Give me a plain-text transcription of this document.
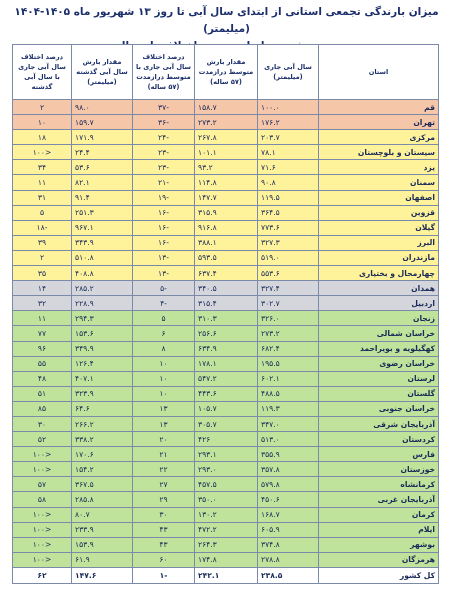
میزان بارندگی تجمعی استانی از ابتدای سال آبی تا روز ۱۳ شهریور ماه ۱۴۰۵-۱۴۰۴ (میلیمتر)
استان	سال آبی جاری (میلیمتر)	مقدار بارش متوسط درازمدت (۵۷ ساله)	درصد اختلاف سال آبی جاری با متوسط درازمدت (۵۷ ساله)	مقدار بارش سال آبی گذشته (میلیمتر)	درصد اختلاف سال آبی جاری با سال آبی گذشته
قم	۱۰۰.۰	۱۵۸.۷	-۳۷	۹۸.۰	۲
تهران	۱۷۶.۲	۲۷۳.۲	-۳۶	۱۵۹.۷	۱۰
مرکزی	۲۰۳.۷	۲۶۷.۸	-۲۴	۱۷۱.۹	۱۸
سیستان و بلوچستان	۷۸.۱	۱۰۱.۱	-۲۳	۲۴.۴	<۱۰۰
یزد	۷۱.۶	۹۳.۲	-۲۳	۵۳.۶	۳۴
سمنان	۹۰.۸	۱۱۴.۸	-۲۱	۸۲.۱	۱۱
اصفهان	۱۱۹.۵	۱۴۷.۷	-۱۹	۹۱.۴	۳۱
قزوین	۳۶۴.۵	۳۱۵.۹	-۱۶	۲۵۱.۳	۵
گیلان	۷۷۳.۶	۹۱۶.۸	-۱۶	۹۶۷.۱	-۱۸
البرز	۳۲۷.۳	۳۸۸.۱	-۱۶	۳۴۳.۹	۳۹
مازندران	۵۱۹.۰	۵۹۳.۵	-۱۳	۵۱۰.۸	۲
چهارمحال و بختیاری	۵۵۳.۶	۶۳۷.۴	-۱۳	۴۰۸.۸	۳۵
همدان	۳۲۷.۴	۳۴۰.۵	-۵	۲۸۵.۲	۱۴
اردبیل	۳۰۲.۷	۳۱۵.۴	-۴	۲۲۸.۹	۳۲
زنجان	۳۲۶.۰	۳۱۰.۳	۵	۲۹۴.۳	۱۱
خراسان شمالی	۲۷۳.۲	۲۵۶.۶	۶	۱۵۳.۶	۷۷
کهگیلویه و بویراحمد	۶۸۲.۴	۶۳۴.۹	۸	۳۴۹.۹	۹۶
خراسان رضوی	۱۹۵.۵	۱۷۸.۱	۱۰	۱۲۶.۴	۵۵
لرستان	۶۰۲.۱	۵۴۷.۲	۱۰	۴۰۷.۱	۴۸
گلستان	۴۸۸.۵	۴۴۳.۶	۱۰	۳۲۳.۹	۵۱
خراسان جنوبی	۱۱۹.۳	۱۰۵.۷	۱۳	۶۴.۶	۸۵
آذربایجان شرقی	۳۴۷.۰	۳۰۵.۷	۱۳	۲۶۶.۲	۳۰
کردستان	۵۱۳.۰	۴۲۶	۲۰	۳۳۸.۲	۵۲
فارس	۳۵۵.۹	۲۹۳.۱	۲۱	۱۷۰.۶	<۱۰۰
خوزستان	۳۵۷.۸	۲۹۳.۰	۲۲	۱۵۴.۲	<۱۰۰
کرمانشاه	۵۷۹.۸	۴۵۷.۵	۲۷	۳۶۷.۵	۵۷
آذربایجان غربی	۴۵۰.۶	۳۵۰.۰	۲۹	۲۸۵.۸	۵۸
کرمان	۱۶۸.۷	۱۳۰.۲	۳۰	۸۰.۷	<۱۰۰
ایلام	۶۰۵.۹	۴۷۲.۲	۴۳	۲۳۳.۹	<۱۰۰
بوشهر	۳۷۴.۸	۲۶۴.۳	۴۳	۱۵۳.۹	<۱۰۰
هرمزگان	۲۷۸.۸	۱۷۴.۸	۶۰	۶۱.۹	<۱۰۰
کل کشور	۲۳۸.۵	۲۴۲.۱	-۱	۱۴۷.۶	۶۲
